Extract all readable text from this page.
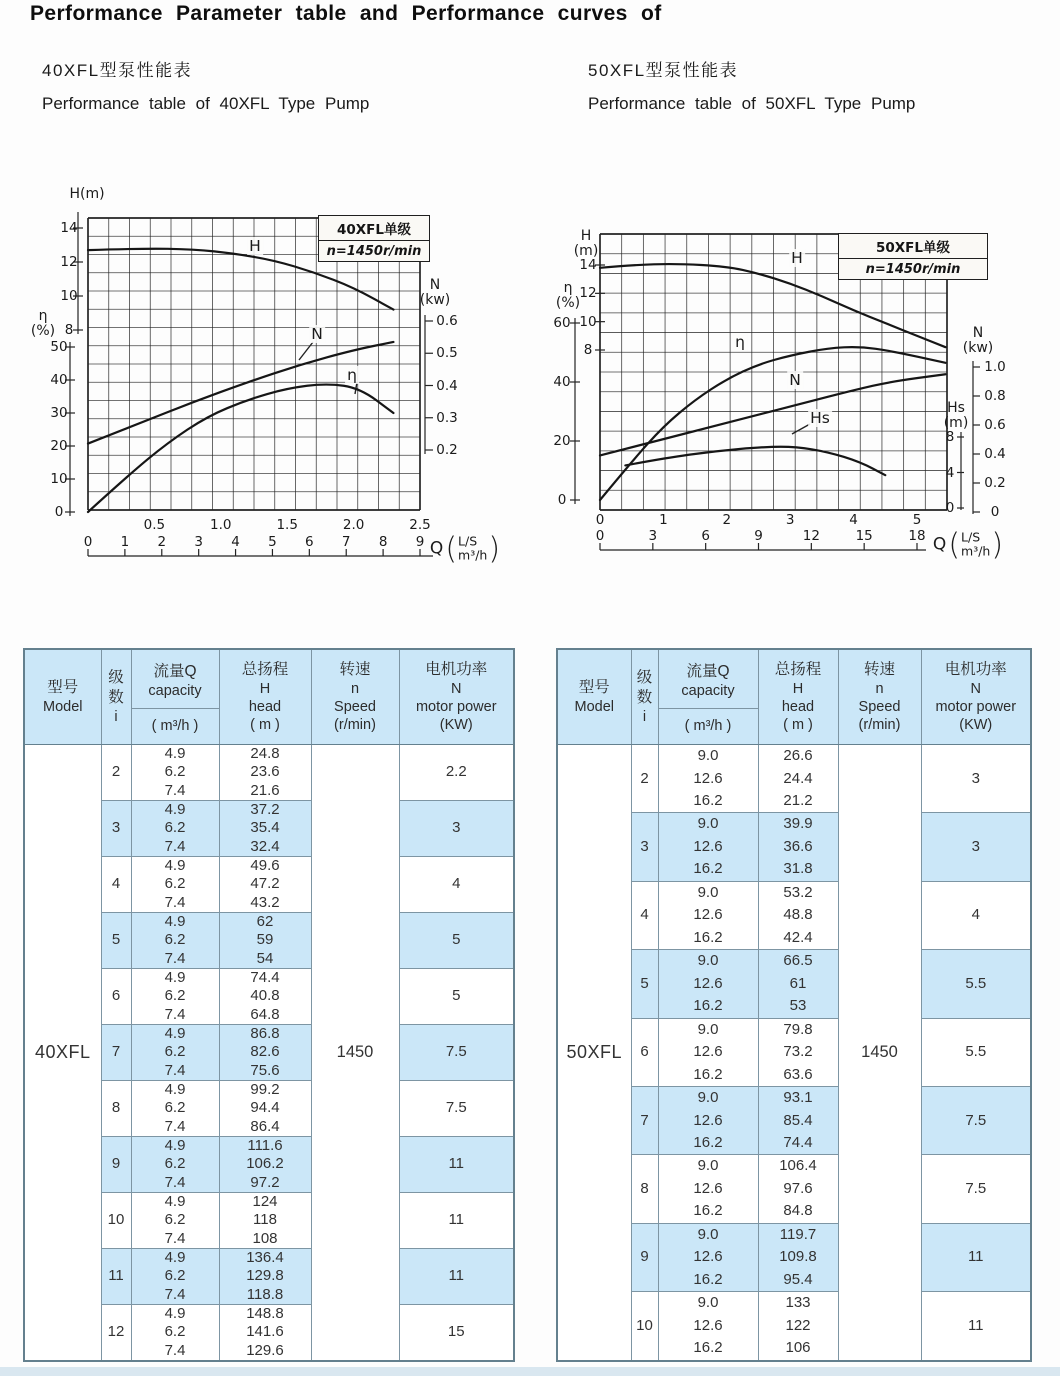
Performance Parameter table and Performance curves of
40XFL型泵性能表
Performance table of 40XFL Type Pump
50XFL型泵性能表
Performance table of 50XFL Type Pump
H(m)
14
12
10
8
η
(%)
50
40
30
20
10
0
N
(kw)
0.6
0.5
0.4
0.3
0.2
0.5	1.0	1.5	2.0	2.5
0 1 2 3 4 5 6 7 8 9
H
N
η
40XFL单级
n=1450r/min
Q ( L/S
m³/h )
H
(m)
14
12
10
8
η
(%)
60
40
20
0
N
(kw)
1.0
0.8
0.6
0.4
0.2
0
Hs
(m)
8
4
0
0	1	2	3	4	5
0	3	6	9	12	15	18
H
η
N
Hs
50XFL单级
n=1450r/min
Q ( L/S
m³/h )
型号
Model

级
数
i

流量Q
capacity
( m³/h )

总扬程
H
head
( m )

转速
n
Speed
(r/min)

电机功率
N
motor power
(KW)

40XFL	2	4.9	24.8	1450	2.2
		6.2	23.6		
		7.4	21.6		
	3	4.9	37.2		3
		6.2	35.4		
		7.4	32.4		
	4	4.9	49.6		4
		6.2	47.2		
		7.4	43.2		
	5	4.9	62		5
		6.2	59		
		7.4	54		
	6	4.9	74.4		5
		6.2	40.8		
		7.4	64.8		
	7	4.9	86.8		7.5
		6.2	82.6		
		7.4	75.6		
	8	4.9	99.2		7.5
		6.2	94.4		
		7.4	86.4		
	9	4.9	111.6		11
		6.2	106.2		
		7.4	97.2		
	10	4.9	124		11
		6.2	118		
		7.4	108		
	11	4.9	136.4		11
		6.2	129.8		
		7.4	118.8		
	12	4.9	148.8		15
		6.2	141.6		
		7.4	129.6		
型号
Model

级
数
i

流量Q
capacity
( m³/h )

总扬程
H
head
( m )

转速
n
Speed
(r/min)

电机功率
N
motor power
(KW)

50XFL	2	9.0	26.6	1450	3
		12.6	24.4		
		16.2	21.2		
	3	9.0	39.9		3
		12.6	36.6		
		16.2	31.8		
	4	9.0	53.2		4
		12.6	48.8		
		16.2	42.4		
	5	9.0	66.5		5.5
		12.6	61		
		16.2	53		
	6	9.0	79.8		5.5
		12.6	73.2		
		16.2	63.6		
	7	9.0	93.1		7.5
		12.6	85.4		
		16.2	74.4		
	8	9.0	106.4		7.5
		12.6	97.6		
		16.2	84.8		
	9	9.0	119.7		11
		12.6	109.8		
		16.2	95.4		
	10	9.0	133		11
		12.6	122		
		16.2	106		
